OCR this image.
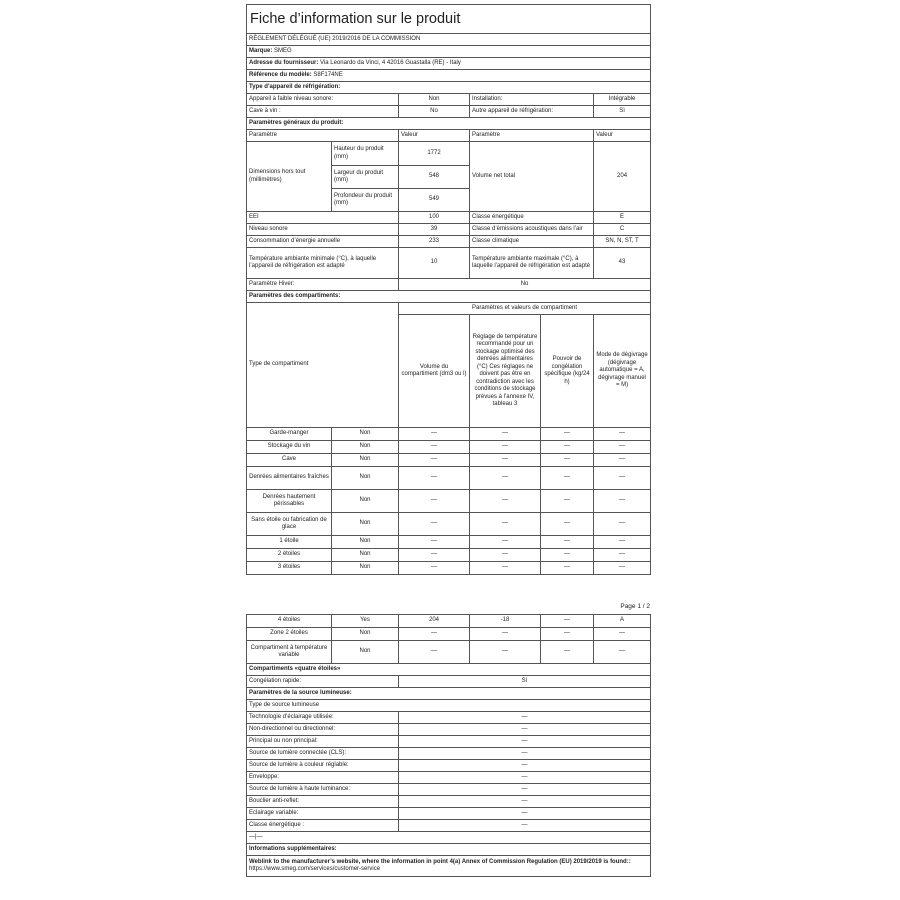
Fiche d’information sur le produit					
RÈGLEMENT DÉLÉGUÉ (UE) 2019/2016 DE LA COMMISSION					
Marque: SMEG					
Adresse du fournisseur: Via Leonardo da Vinci, 4 42016 Guastalla (RE) - Italy					
Référence du modèle: S8F174NE					
Type d’appareil de réfrigération:					
Appareil à faible niveau sonore:		Non	Installation:		Intégrable
Cave à vin :		No	Autre appareil de réfrigération:		Sì
Paramètres généraux du produit:					
Paramètre		Valeur	Paramètre		Valeur
Dimensions hors tout (millimètres)	Hauteur du produit (mm)	1772	Volume net total		204
	Largeur du produit (mm)	548			
	Profondeur du produit (mm)	549			
EEI		100	Classe énergétique		E
Niveau sonore		39	Classe d’émissions acoustiques dans l’air		C
Consommation d’énergie annuelle		233	Classe climatique		SN, N, ST, T
Température ambiante minimale (°C), à laquelle l’appareil de réfrigération est adapté		10	Température ambiante maximale (°C), à laquelle l’appareil de réfrigération est adapté		43
Paramètre Hiver:		No			
Paramètres des compartiments:					
Type de compartiment		Paramètres et valeurs de compartiment			
		Volume du compartiment (dm3 ou l)	Réglage de température recommandé pour un stockage optimisé des denrées alimentaires (°C) Ces réglages ne doivent pas être en contradiction avec les conditions de stockage prévues à l’annexe IV, tableau 3	Pouvoir de congélation spécifique (kg/24 h)	Mode de dégivrage (dégivrage automatique = A, dégivrage manuel = M)
Garde-manger	Non	—	—	—	—
Stockage du vin	Non	—	—	—	—
Cave	Non	—	—	—	—
Denrées alimentaires fraîches	Non	—	—	—	—
Denrées hautement périssables	Non	—	—	—	—
Sans étoile ou fabrication de glace	Non	—	—	—	—
1 étoile	Non	—	—	—	—
2 étoiles	Non	—	—	—	—
3 étoiles	Non	—	—	—	—
Page 1 / 2
4 étoiles	Yes	204	-18	—	A
Zone 2 étoiles	Non	—	—	—	—
Compartiment à température variable	Non	—	—	—	—
Compartiments «quatre étoiles»					
Congélation rapide:		Sì			
Paramètres de la source lumineuse:					
Type de source lumineuse					
Technologie d’éclairage utilisée:		—			
Non-directionnel ou directionnel:		—			
Principal ou non principal:		—			
Source de lumière connectée (CLS):		—			
Source de lumière à couleur réglable:		—			
Enveloppe:		—			
Source de lumière à haute luminance:		—			
Bouclier anti-reflet:		—			
Eclairage variable:		—			
Classe énergétique :		—			
—|—					
Informations supplémentaires:					
Weblink to the manufacturer’s website, where the information in point 4(a) Annex of Commission Regulation (EU) 2019/2019 is found::
https://www.smeg.com/services/customer-service					
